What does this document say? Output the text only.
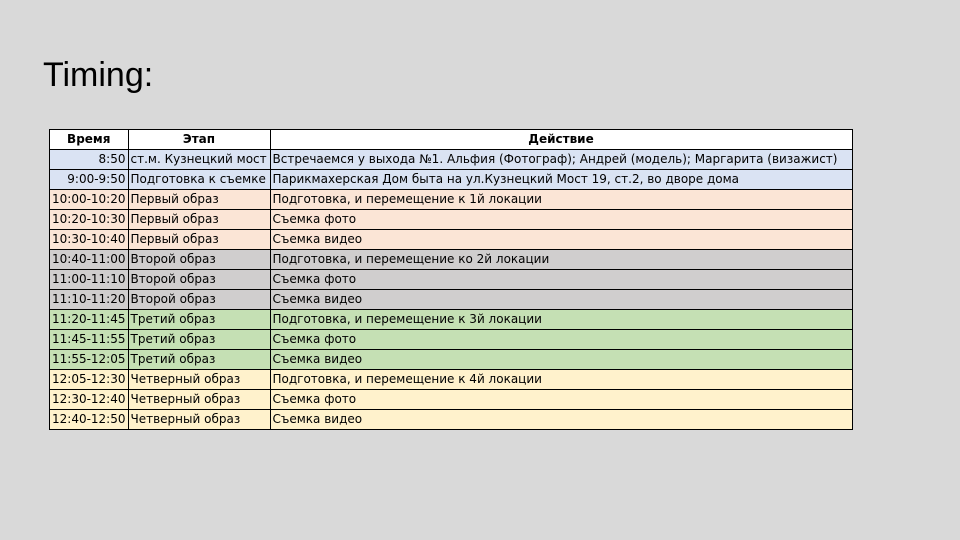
Timing:
Время	Этап	Действие
8:50	ст.м. Кузнецкий мост	Встречаемся у выхода №1. Альфия (Фотограф); Андрей (модель); Маргарита (визажист)
9:00-9:50	Подготовка к съемке	Парикмахерская Дом быта на ул.Кузнецкий Мост 19, ст.2, во дворе дома
10:00-10:20	Первый образ	Подготовка, и перемещение к 1й локации
10:20-10:30	Первый образ	Съемка фото
10:30-10:40	Первый образ	Съемка видео
10:40-11:00	Второй образ	Подготовка, и перемещение ко 2й локации
11:00-11:10	Второй образ	Съемка фото
11:10-11:20	Второй образ	Съемка видео
11:20-11:45	Третий образ	Подготовка, и перемещение к 3й локации
11:45-11:55	Третий образ	Съемка фото
11:55-12:05	Третий образ	Съемка видео
12:05-12:30	Четверный образ	Подготовка, и перемещение к 4й локации
12:30-12:40	Четверный образ	Съемка фото
12:40-12:50	Четверный образ	Съемка видео
